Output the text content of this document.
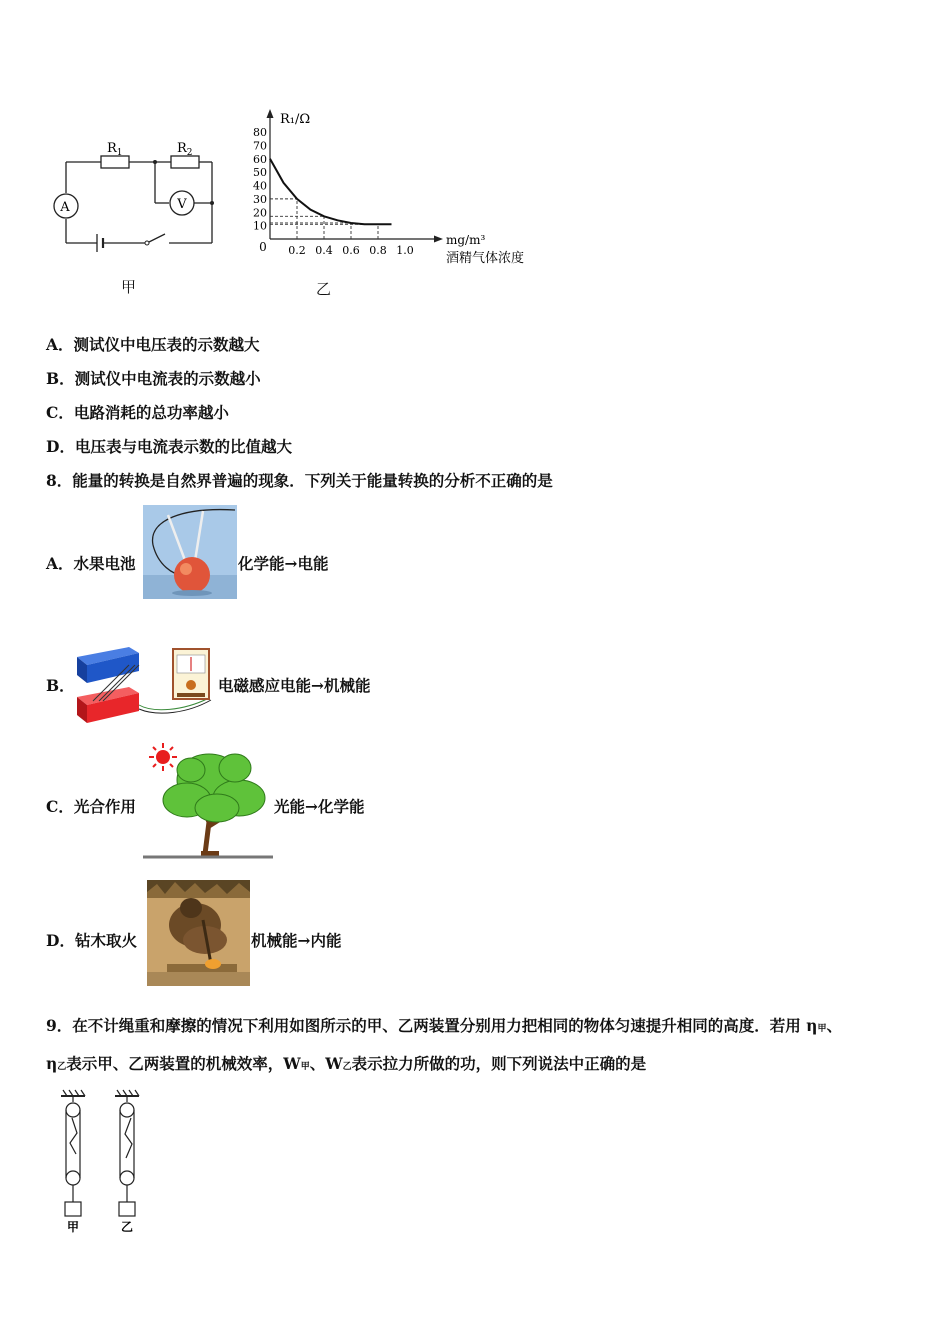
A	V
$R_1$	$R_2$
甲
80
70
60
50
40
30
20
10
0.2 0.4 0.6 0.8 1.0
0
R₁/Ω
mg/m³
酒精气体浓度
乙
A．测试仪中电压表的示数越大
B．测试仪中电流表的示数越小
C．电路消耗的总功率越小
D．电压表与电流表示数的比值越大
8．能量的转换是自然界普遍的现象．下列关于能量转换的分析不正确的是
A．水果电池	化学能→电能
B．	电磁感应电能→机械能
C．光合作用	光能→化学能
D．钻木取火	机械能→内能
9．在不计绳重和摩擦的情况下利用如图所示的甲、乙两装置分别用力把相同的物体匀速提升相同的高度．若用 η甲、
η乙表示甲、乙两装置的机械效率，W甲、W乙表示拉力所做的功，则下列说法中正确的是
甲	乙
